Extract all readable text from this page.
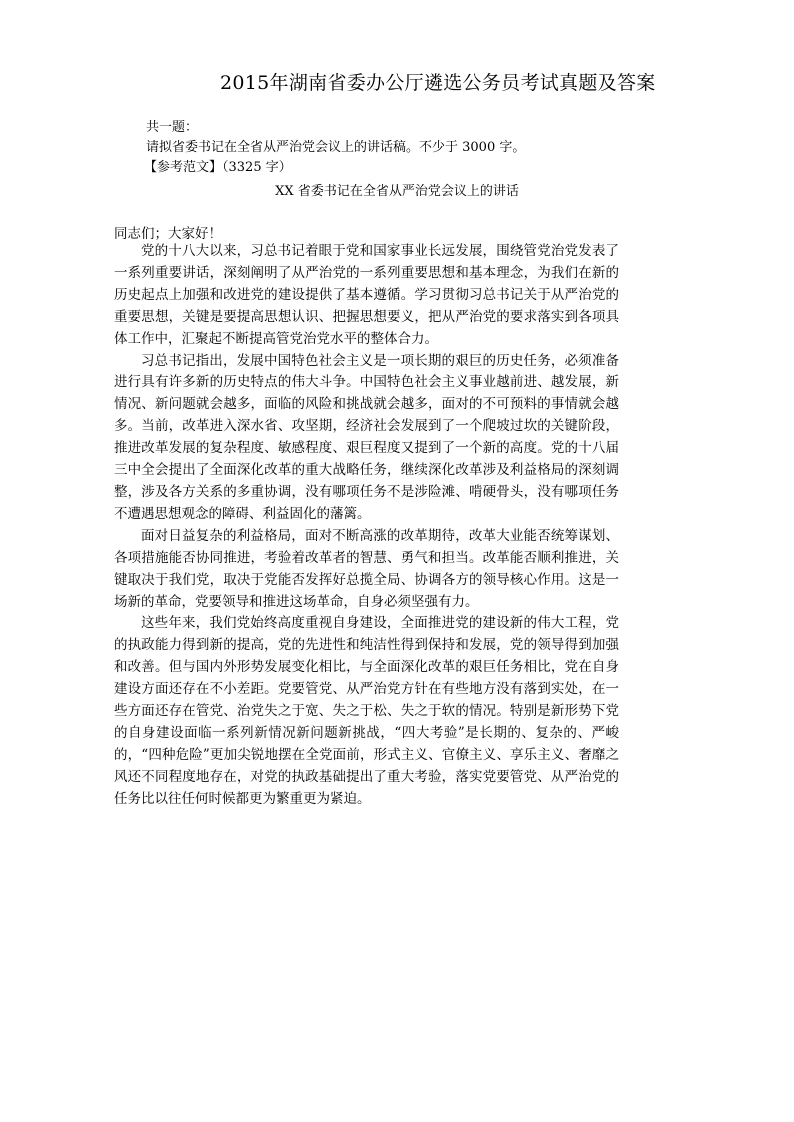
2015年湖南省委办公厅遴选公务员考试真题及答案
共一题：
请拟省委书记在全省从严治党会议上的讲话稿。不少于 3000 字。
【参考范文】（3325 字）
XX 省委书记在全省从严治党会议上的讲话
同志们；大家好！

党的十八大以来，习总书记着眼于党和国家事业长远发展，围绕管党治党发表了一系列重要讲话，深刻阐明了从严治党的一系列重要思想和基本理念，为我们在新的历史起点上加强和改进党的建设提供了基本遵循。学习贯彻习总书记关于从严治党的重要思想，关键是要提高思想认识、把握思想要义，把从严治党的要求落实到各项具体工作中，汇聚起不断提高管党治党水平的整体合力。

习总书记指出，发展中国特色社会主义是一项长期的艰巨的历史任务，必须准备进行具有许多新的历史特点的伟大斗争。中国特色社会主义事业越前进、越发展，新情况、新问题就会越多，面临的风险和挑战就会越多，面对的不可预料的事情就会越多。当前，改革进入深水省、攻坚期，经济社会发展到了一个爬坡过坎的关键阶段，推进改革发展的复杂程度、敏感程度、艰巨程度又提到了一个新的高度。党的十八届三中全会提出了全面深化改革的重大战略任务，继续深化改革涉及利益格局的深刻调整，涉及各方关系的多重协调，没有哪项任务不是涉险滩、啃硬骨头，没有哪项任务不遭遇思想观念的障碍、利益固化的藩篱。

面对日益复杂的利益格局，面对不断高涨的改革期待，改革大业能否统筹谋划、各项措施能否协同推进，考验着改革者的智慧、勇气和担当。改革能否顺利推进，关键取决于我们党，取决于党能否发挥好总揽全局、协调各方的领导核心作用。这是一场新的革命，党要领导和推进这场革命，自身必须坚强有力。

这些年来，我们党始终高度重视自身建设，全面推进党的建设新的伟大工程，党的执政能力得到新的提高，党的先进性和纯洁性得到保持和发展，党的领导得到加强和改善。但与国内外形势发展变化相比，与全面深化改革的艰巨任务相比，党在自身建设方面还存在不小差距。党要管党、从严治党方针在有些地方没有落到实处，在一些方面还存在管党、治党失之于宽、失之于松、失之于软的情况。特别是新形势下党的自身建设面临一系列新情况新问题新挑战，“四大考验”是长期的、复杂的、严峻的，“四种危险”更加尖锐地摆在全党面前，形式主义、官僚主义、享乐主义、奢靡之风还不同程度地存在，对党的执政基础提出了重大考验，落实党要管党、从严治党的任务比以往任何时候都更为繁重更为紧迫。
